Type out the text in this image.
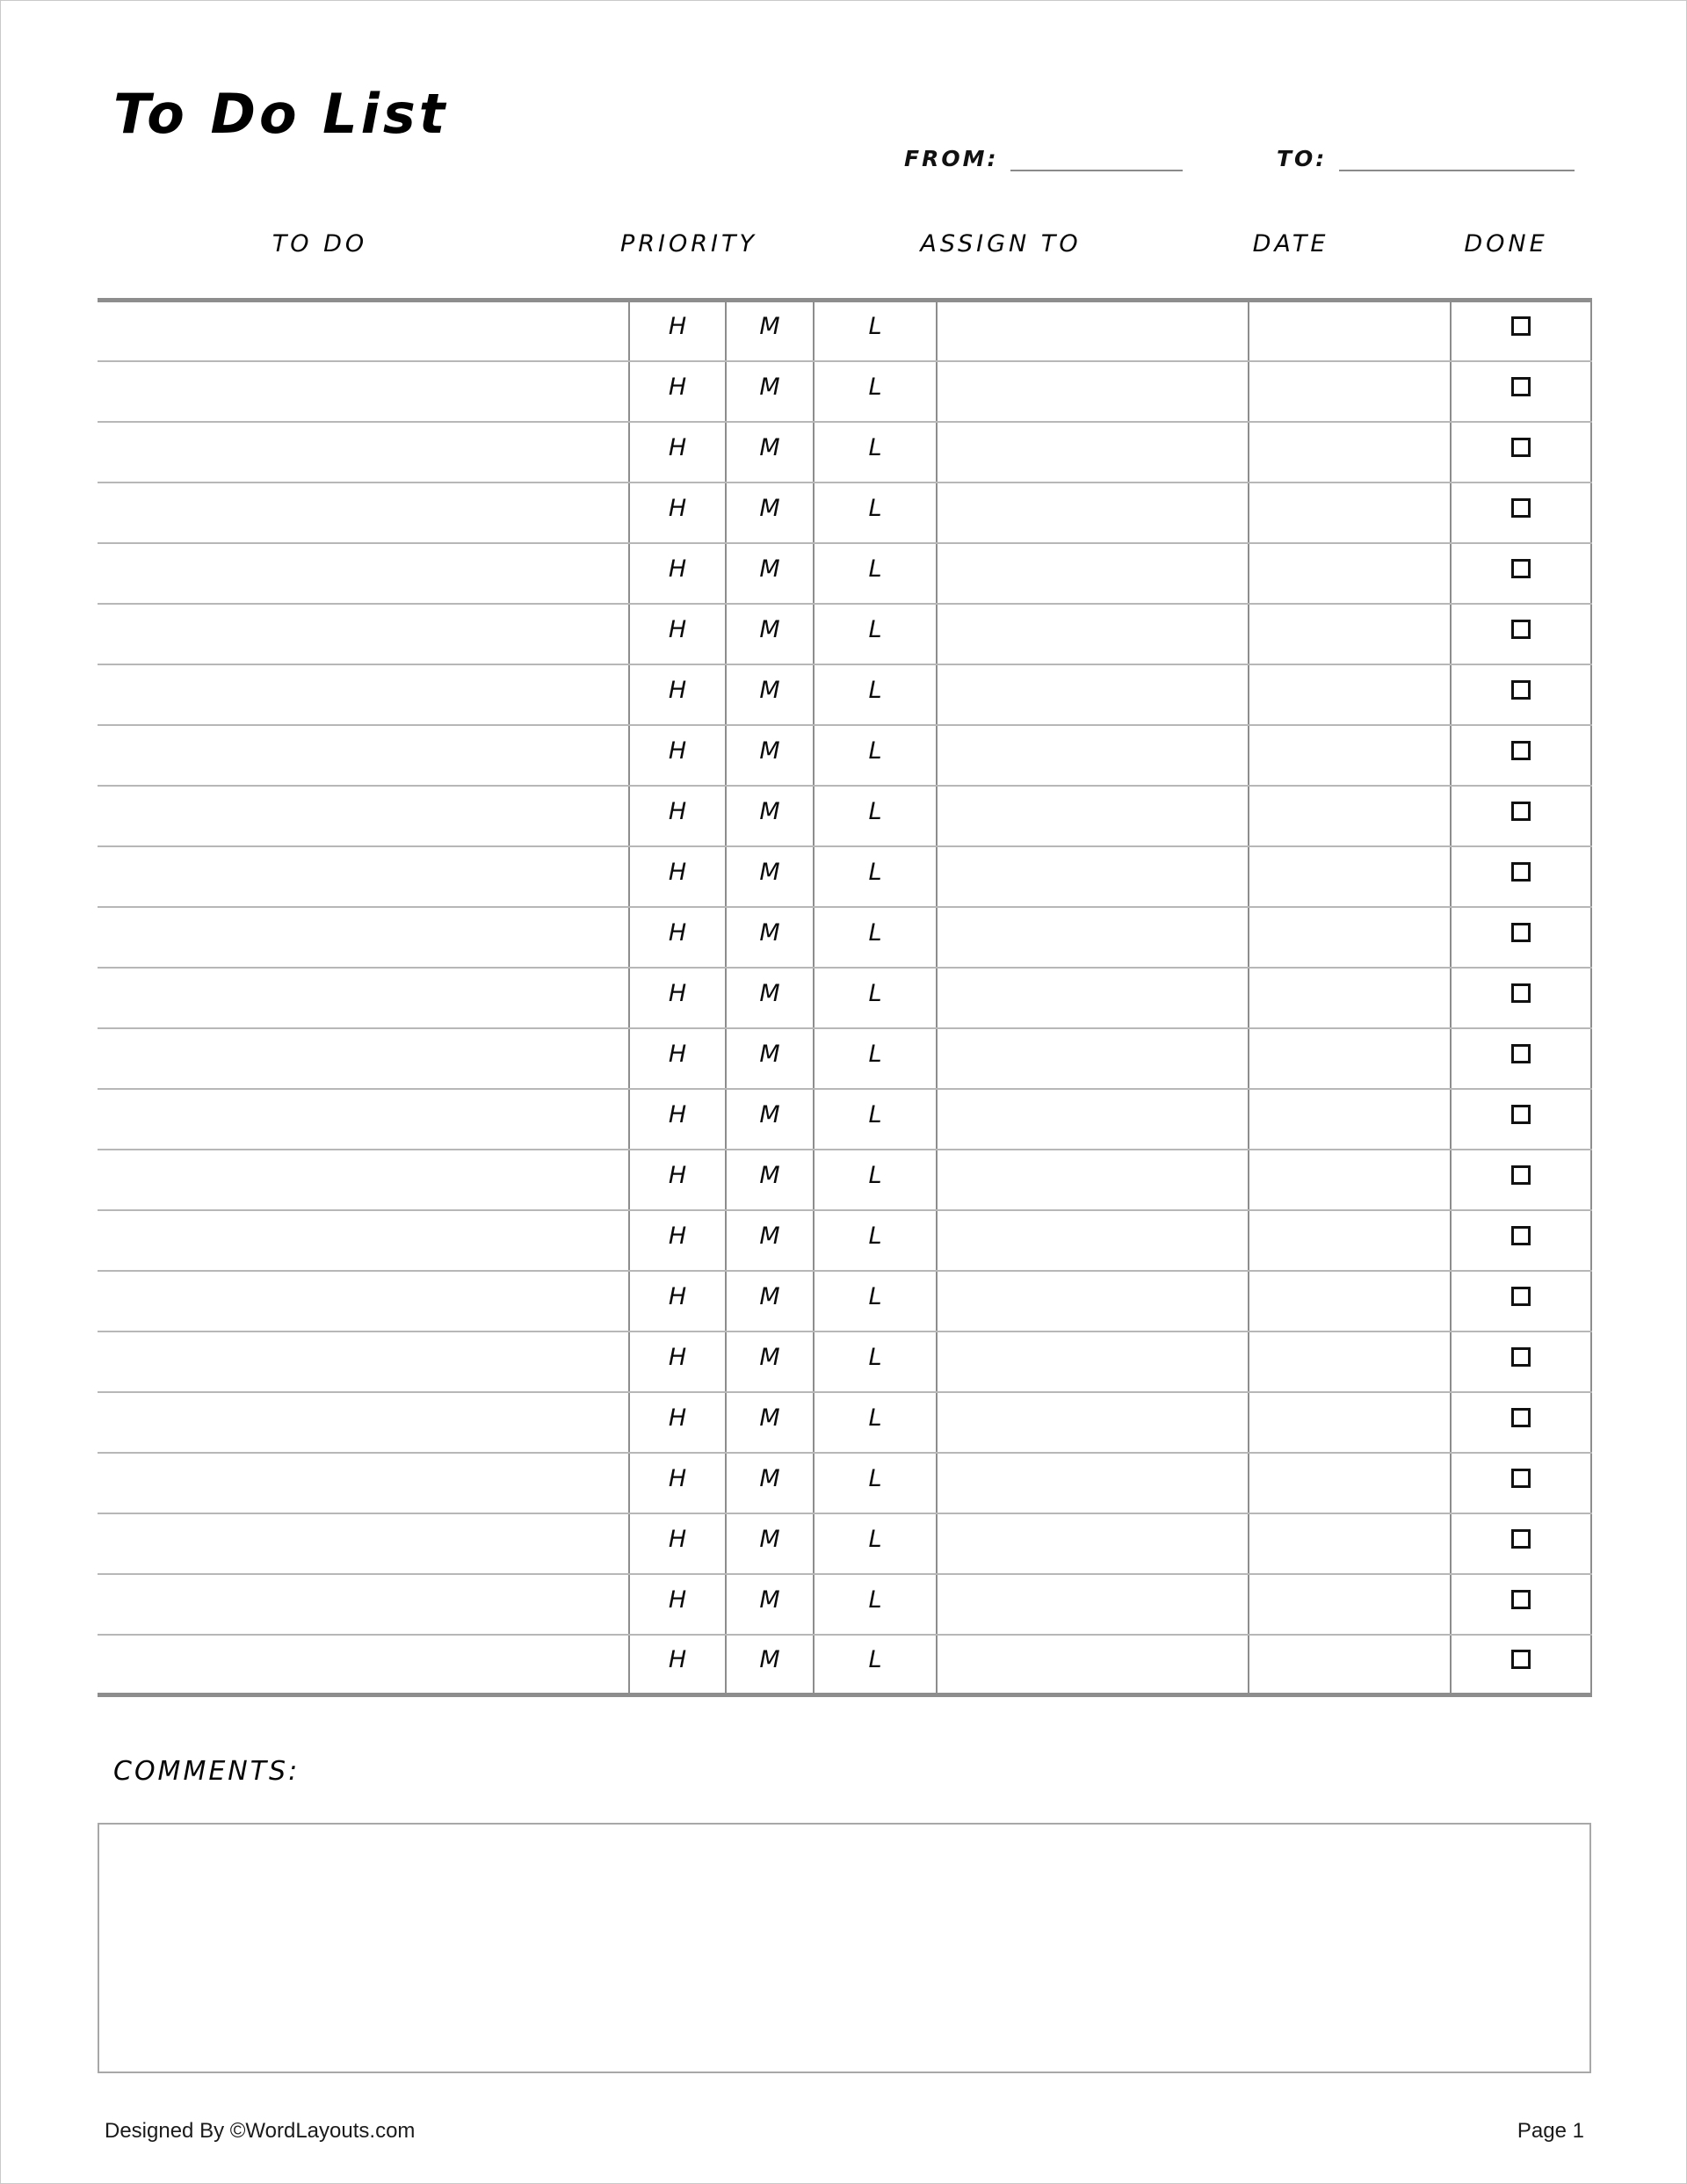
To Do List
FROM:	TO:
TO DO	PRIORITY	ASSIGN TO	DATE	DONE
	H	M	L			
	H	M	L			
	H	M	L			
	H	M	L			
	H	M	L			
	H	M	L			
	H	M	L			
	H	M	L			
	H	M	L			
	H	M	L			
	H	M	L			
	H	M	L			
	H	M	L			
	H	M	L			
	H	M	L			
	H	M	L			
	H	M	L			
	H	M	L			
	H	M	L			
	H	M	L			
	H	M	L			
	H	M	L			
	H	M	L			
COMMENTS:
Designed By ©WordLayouts.com	Page 1
